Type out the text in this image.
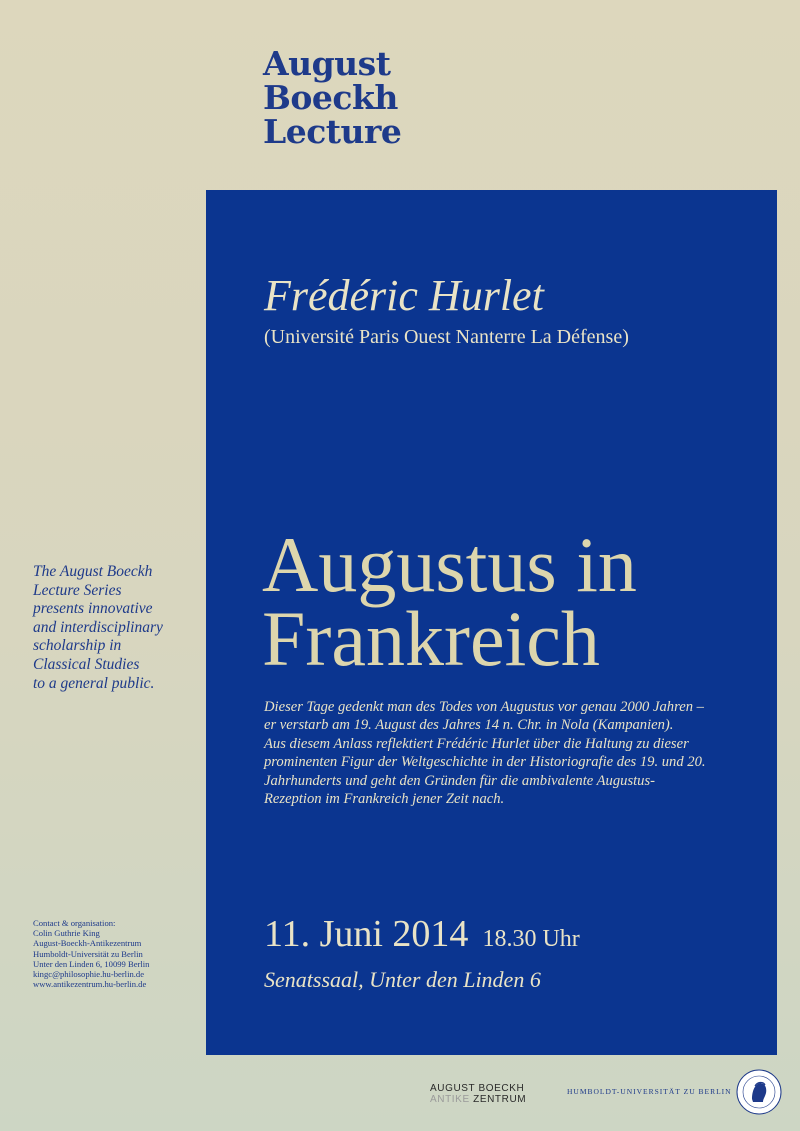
August
Boeckh
Lecture
Frédéric Hurlet
(Université Paris Ouest Nanterre La Défense)
Augustus in
Frankreich
Dieser Tage gedenkt man des Todes von Augustus vor genau 2000 Jahren –
er verstarb am 19. August des Jahres 14 n. Chr. in Nola (Kampanien).
Aus diesem Anlass reflektiert Frédéric Hurlet über die Haltung zu dieser
prominenten Figur der Weltgeschichte in der Historiografie des 19. und 20.
Jahrhunderts und geht den Gründen für die ambivalente Augustus-
Rezeption im Frankreich jener Zeit nach.
11. Juni 2014 18.30 Uhr
Senatssaal, Unter den Linden 6
The August Boeckh
Lecture Series
presents innovative
and interdisciplinary
scholarship in
Classical Studies
to a general public.
Contact & organisation:
Colin Guthrie King
August-Boeckh-Antikezentrum
Humboldt-Universität zu Berlin
Unter den Linden 6, 10099 Berlin
kingc@philosophie.hu-berlin.de
www.antikezentrum.hu-berlin.de
AUGUST BOECKH
ANTIKE ZENTRUM
HUMBOLDT-UNIVERSITÄT ZU BERLIN
